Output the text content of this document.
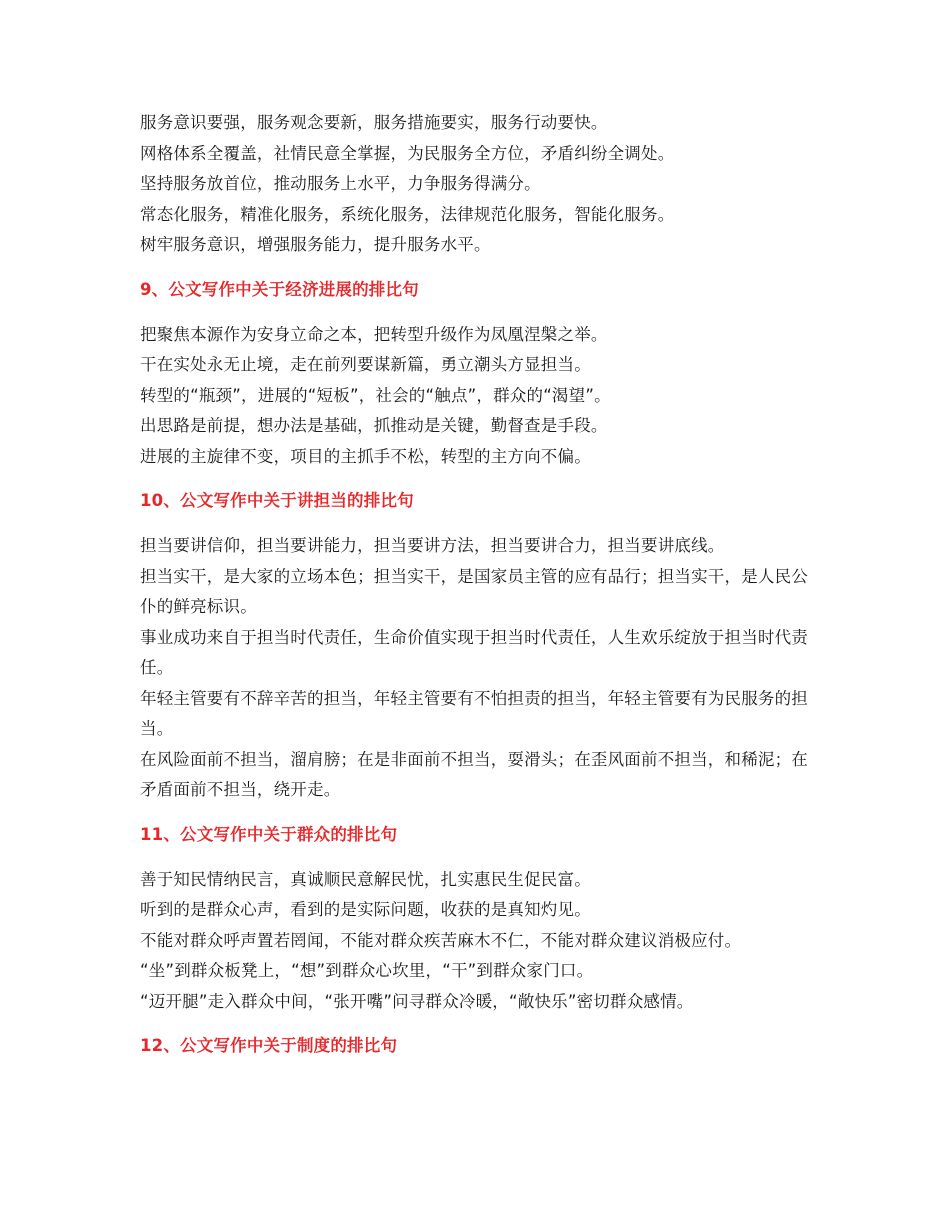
服务意识要强，服务观念要新，服务措施要实，服务行动要快。

网格体系全覆盖，社情民意全掌握，为民服务全方位，矛盾纠纷全调处。

坚持服务放首位，推动服务上水平，力争服务得满分。

常态化服务，精准化服务，系统化服务，法律规范化服务，智能化服务。

树牢服务意识，增强服务能力，提升服务水平。

9、公文写作中关于经济进展的排比句

把聚焦本源作为安身立命之本，把转型升级作为凤凰涅槃之举。

干在实处永无止境，走在前列要谋新篇，勇立潮头方显担当。

转型的“瓶颈”，进展的“短板”，社会的“触点”，群众的“渴望”。

出思路是前提，想办法是基础，抓推动是关键，勤督查是手段。

进展的主旋律不变，项目的主抓手不松，转型的主方向不偏。

10、公文写作中关于讲担当的排比句

担当要讲信仰，担当要讲能力，担当要讲方法，担当要讲合力，担当要讲底线。

担当实干，是大家的立场本色；担当实干，是国家员主管的应有品行；担当实干，是人民公仆的鲜亮标识。

事业成功来自于担当时代责任，生命价值实现于担当时代责任，人生欢乐绽放于担当时代责任。

年轻主管要有不辞辛苦的担当，年轻主管要有不怕担责的担当，年轻主管要有为民服务的担当。

在风险面前不担当，溜肩膀；在是非面前不担当，耍滑头；在歪风面前不担当，和稀泥；在矛盾面前不担当，绕开走。

11、公文写作中关于群众的排比句

善于知民情纳民言，真诚顺民意解民忧，扎实惠民生促民富。

听到的是群众心声，看到的是实际问题，收获的是真知灼见。

不能对群众呼声置若罔闻，不能对群众疾苦麻木不仁，不能对群众建议消极应付。

“坐”到群众板凳上，“想”到群众心坎里，“干”到群众家门口。

“迈开腿”走入群众中间，“张开嘴”问寻群众冷暖，“敞快乐”密切群众感情。

12、公文写作中关于制度的排比句
